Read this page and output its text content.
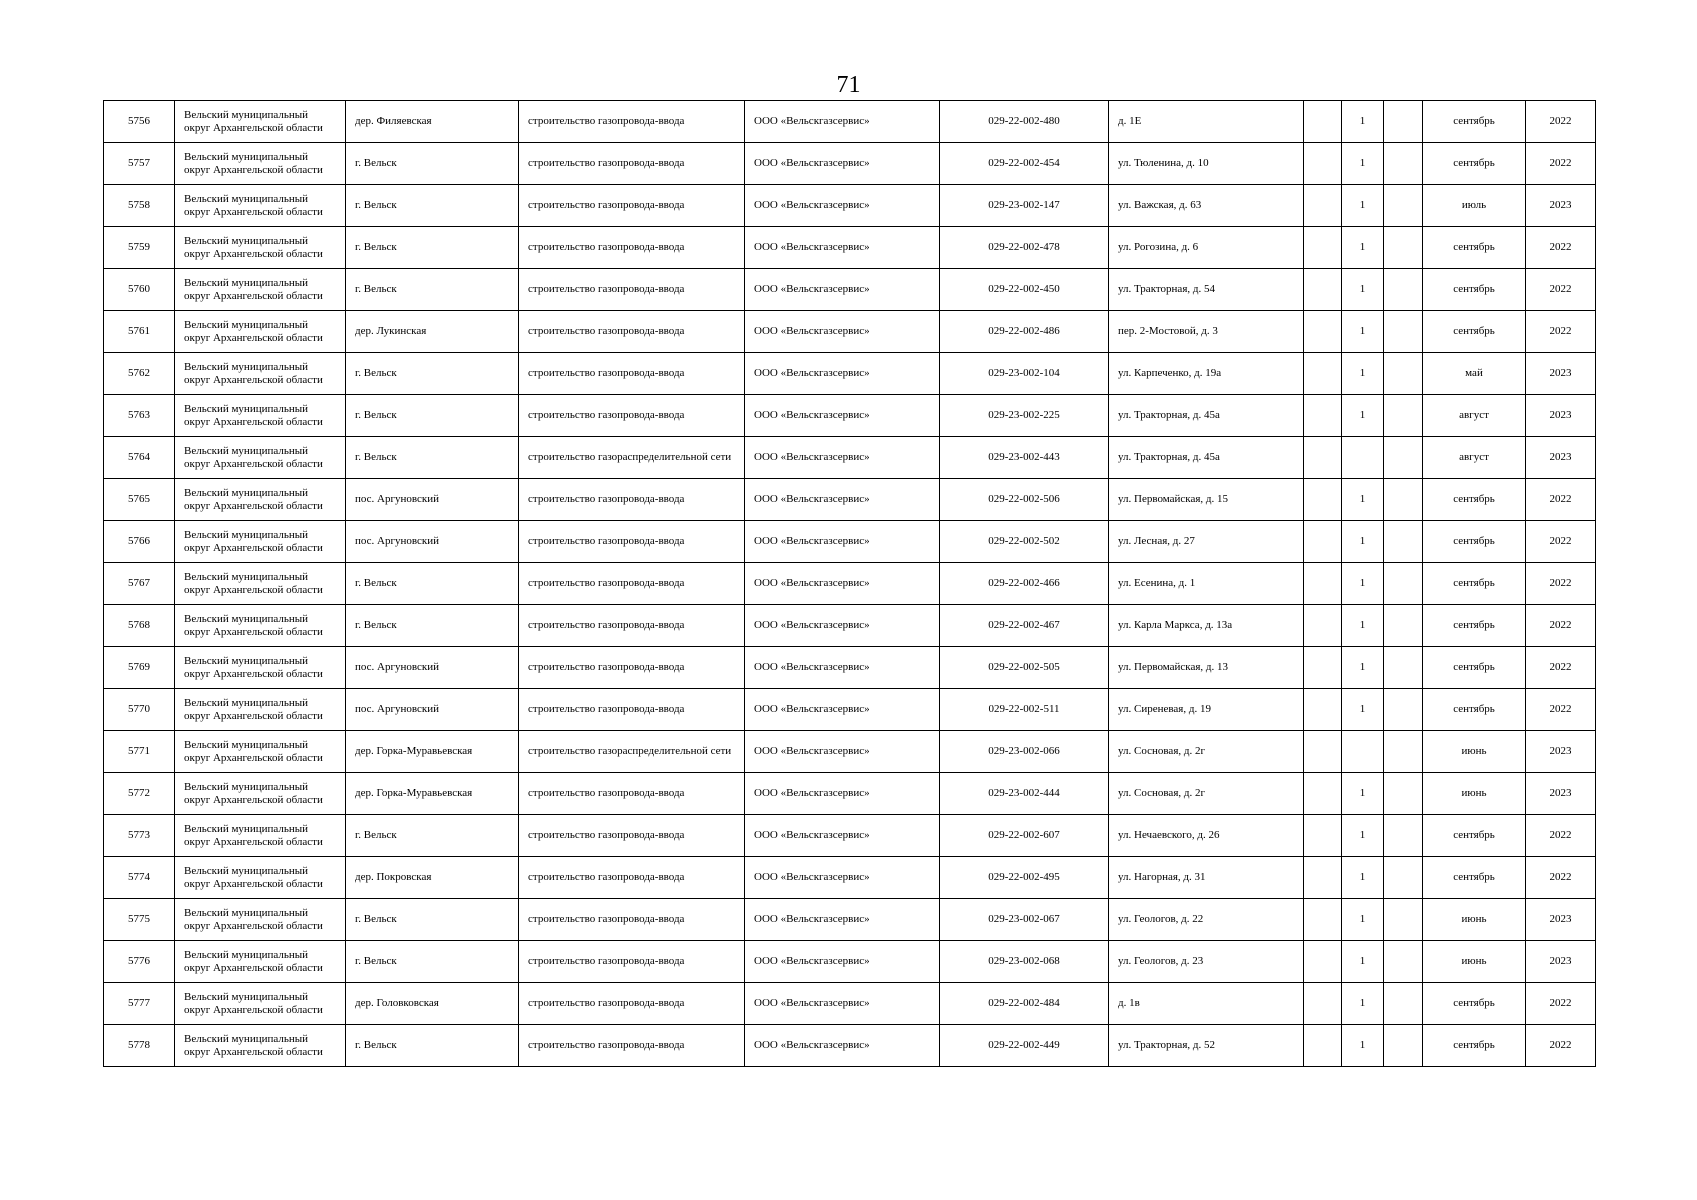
71
5756	Вельский муниципальный округ Архангельской области	дер. Филяевская	строительство газопровода-ввода	ООО «Вельскгазсервис»	029-22-002-480	д. 1Е		1		сентябрь	2022
5757	Вельский муниципальный округ Архангельской области	г. Вельск	строительство газопровода-ввода	ООО «Вельскгазсервис»	029-22-002-454	ул. Тюленина, д. 10		1		сентябрь	2022
5758	Вельский муниципальный округ Архангельской области	г. Вельск	строительство газопровода-ввода	ООО «Вельскгазсервис»	029-23-002-147	ул. Важская, д. 63		1		июль	2023
5759	Вельский муниципальный округ Архангельской области	г. Вельск	строительство газопровода-ввода	ООО «Вельскгазсервис»	029-22-002-478	ул. Рогозина, д. 6		1		сентябрь	2022
5760	Вельский муниципальный округ Архангельской области	г. Вельск	строительство газопровода-ввода	ООО «Вельскгазсервис»	029-22-002-450	ул. Тракторная, д. 54		1		сентябрь	2022
5761	Вельский муниципальный округ Архангельской области	дер. Лукинская	строительство газопровода-ввода	ООО «Вельскгазсервис»	029-22-002-486	пер. 2-Мостовой, д. 3		1		сентябрь	2022
5762	Вельский муниципальный округ Архангельской области	г. Вельск	строительство газопровода-ввода	ООО «Вельскгазсервис»	029-23-002-104	ул. Карпеченко, д. 19а		1		май	2023
5763	Вельский муниципальный округ Архангельской области	г. Вельск	строительство газопровода-ввода	ООО «Вельскгазсервис»	029-23-002-225	ул. Тракторная, д. 45а		1		август	2023
5764	Вельский муниципальный округ Архангельской области	г. Вельск	строительство газораспределительной сети	ООО «Вельскгазсервис»	029-23-002-443	ул. Тракторная, д. 45а				август	2023
5765	Вельский муниципальный округ Архангельской области	пос. Аргуновский	строительство газопровода-ввода	ООО «Вельскгазсервис»	029-22-002-506	ул. Первомайская, д. 15		1		сентябрь	2022
5766	Вельский муниципальный округ Архангельской области	пос. Аргуновский	строительство газопровода-ввода	ООО «Вельскгазсервис»	029-22-002-502	ул. Лесная, д. 27		1		сентябрь	2022
5767	Вельский муниципальный округ Архангельской области	г. Вельск	строительство газопровода-ввода	ООО «Вельскгазсервис»	029-22-002-466	ул. Есенина, д. 1		1		сентябрь	2022
5768	Вельский муниципальный округ Архангельской области	г. Вельск	строительство газопровода-ввода	ООО «Вельскгазсервис»	029-22-002-467	ул. Карла Маркса, д. 13а		1		сентябрь	2022
5769	Вельский муниципальный округ Архангельской области	пос. Аргуновский	строительство газопровода-ввода	ООО «Вельскгазсервис»	029-22-002-505	ул. Первомайская, д. 13		1		сентябрь	2022
5770	Вельский муниципальный округ Архангельской области	пос. Аргуновский	строительство газопровода-ввода	ООО «Вельскгазсервис»	029-22-002-511	ул. Сиреневая, д. 19		1		сентябрь	2022
5771	Вельский муниципальный округ Архангельской области	дер. Горка-Муравьевская	строительство газораспределительной сети	ООО «Вельскгазсервис»	029-23-002-066	ул. Сосновая, д. 2г				июнь	2023
5772	Вельский муниципальный округ Архангельской области	дер. Горка-Муравьевская	строительство газопровода-ввода	ООО «Вельскгазсервис»	029-23-002-444	ул. Сосновая, д. 2г		1		июнь	2023
5773	Вельский муниципальный округ Архангельской области	г. Вельск	строительство газопровода-ввода	ООО «Вельскгазсервис»	029-22-002-607	ул. Нечаевского, д. 26		1		сентябрь	2022
5774	Вельский муниципальный округ Архангельской области	дер. Покровская	строительство газопровода-ввода	ООО «Вельскгазсервис»	029-22-002-495	ул. Нагорная, д. 31		1		сентябрь	2022
5775	Вельский муниципальный округ Архангельской области	г. Вельск	строительство газопровода-ввода	ООО «Вельскгазсервис»	029-23-002-067	ул. Геологов, д. 22		1		июнь	2023
5776	Вельский муниципальный округ Архангельской области	г. Вельск	строительство газопровода-ввода	ООО «Вельскгазсервис»	029-23-002-068	ул. Геологов, д. 23		1		июнь	2023
5777	Вельский муниципальный округ Архангельской области	дер. Головковская	строительство газопровода-ввода	ООО «Вельскгазсервис»	029-22-002-484	д. 1в		1		сентябрь	2022
5778	Вельский муниципальный округ Архангельской области	г. Вельск	строительство газопровода-ввода	ООО «Вельскгазсервис»	029-22-002-449	ул. Тракторная, д. 52		1		сентябрь	2022
